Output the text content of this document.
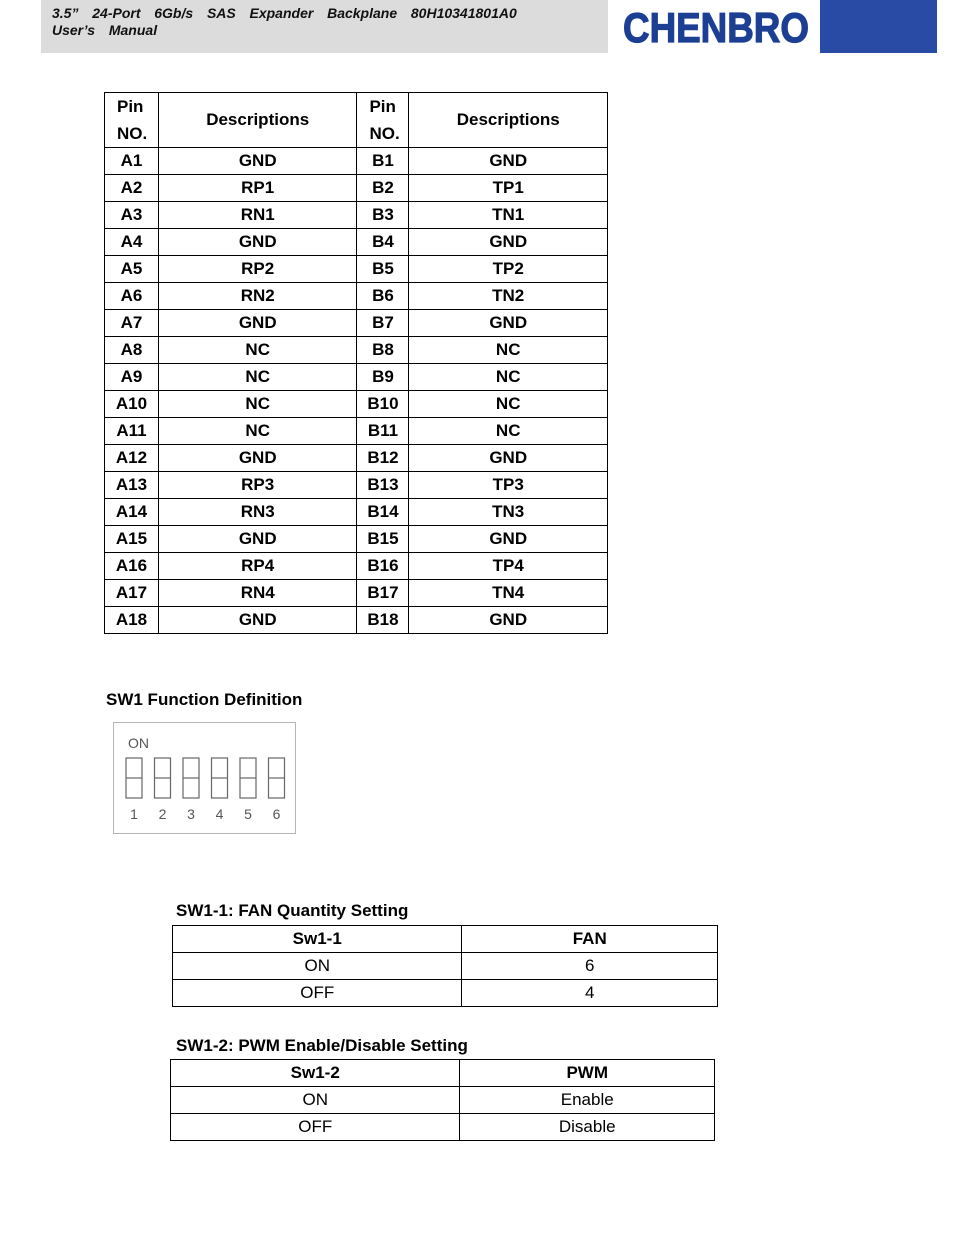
3.5”  24-Port  6Gb/s  SAS  Expander  Backplane  80H10341801A0
User’s  Manual	CHENBRO
Pin NO.	Descriptions	Pin NO.	Descriptions
A1	GND	B1	GND
A2	RP1	B2	TP1
A3	RN1	B3	TN1
A4	GND	B4	GND
A5	RP2	B5	TP2
A6	RN2	B6	TN2
A7	GND	B7	GND
A8	NC	B8	NC
A9	NC	B9	NC
A10	NC	B10	NC
A11	NC	B11	NC
A12	GND	B12	GND
A13	RP3	B13	TP3
A14	RN3	B14	TN3
A15	GND	B15	GND
A16	RP4	B16	TP4
A17	RN4	B17	TN4
A18	GND	B18	GND
SW1 Function Definition
ON
1 2 3 4 5 6
SW1-1: FAN Quantity Setting
Sw1-1	FAN
ON	6
OFF	4
SW1-2: PWM Enable/Disable Setting
Sw1-2	PWM
ON	Enable
OFF	Disable
